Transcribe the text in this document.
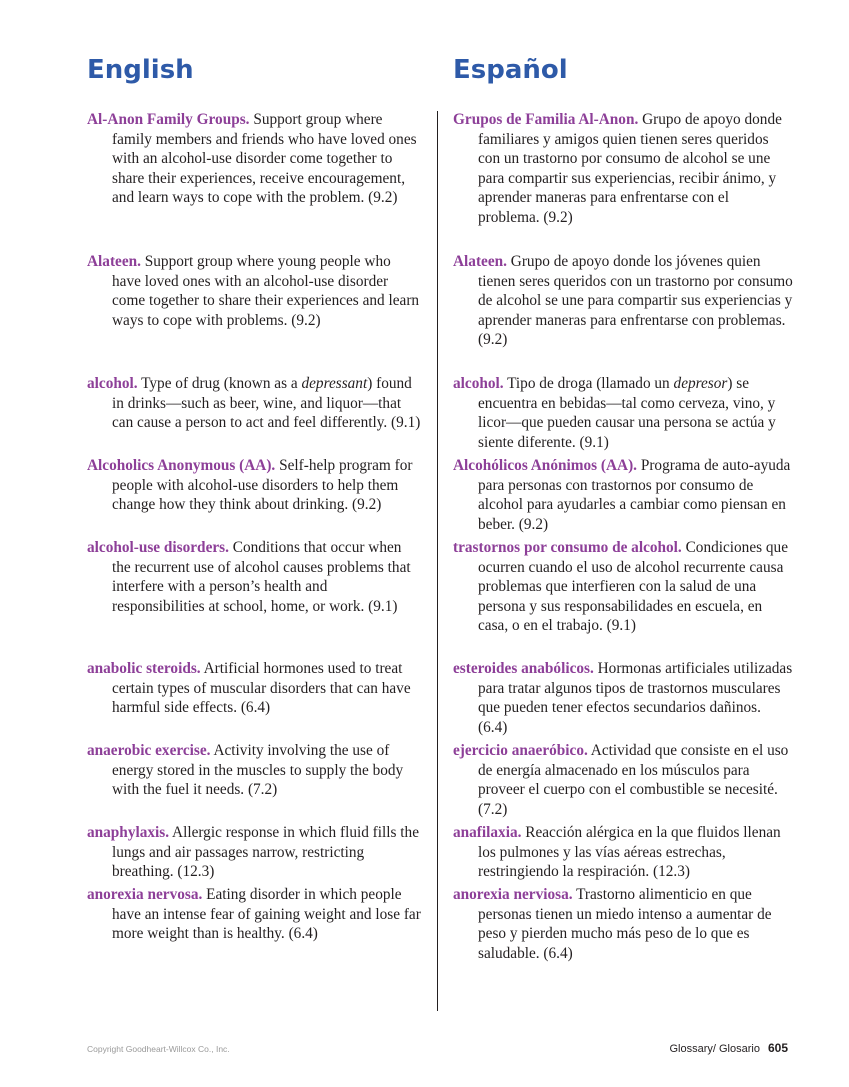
English

Al-Anon Family Groups. Support group where family members and friends who have loved ones with an alcohol-use disorder come together to share their experiences, receive encouragement, and learn ways to cope with the problem. (9.2)

Alateen. Support group where young people who have loved ones with an alcohol-use disorder come together to share their experiences and learn ways to cope with problems. (9.2)

alcohol. Type of drug (known as a depressant) found in drinks—such as beer, wine, and liquor—that can cause a person to act and feel differently. (9.1)

Alcoholics Anonymous (AA). Self-help program for people with alcohol-use disorders to help them change how they think about drinking. (9.2)

alcohol-use disorders. Conditions that occur when the recurrent use of alcohol causes problems that interfere with a person’s health and responsibilities at school, home, or work. (9.1)

anabolic steroids. Artificial hormones used to treat certain types of muscular disorders that can have harmful side effects. (6.4)

anaerobic exercise. Activity involving the use of energy stored in the muscles to supply the body with the fuel it needs. (7.2)

anaphylaxis. Allergic response in which fluid fills the lungs and air passages narrow, restricting breathing. (12.3)

anorexia nervosa. Eating disorder in which people have an intense fear of gaining weight and lose far more weight than is healthy. (6.4)

Español

Grupos de Familia Al-Anon. Grupo de apoyo donde familiares y amigos quien tienen seres queridos con un trastorno por consumo de alcohol se une para compartir sus experiencias, recibir ánimo, y aprender maneras para enfrentarse con el problema. (9.2)

Alateen. Grupo de apoyo donde los jóvenes quien tienen seres queridos con un trastorno por consumo de alcohol se une para compartir sus experiencias y aprender maneras para enfrentarse con problemas. (9.2)

alcohol. Tipo de droga (llamado un depresor) se encuentra en bebidas—tal como cerveza, vino, y licor—que pueden causar una persona se actúa y siente diferente. (9.1)

Alcohólicos Anónimos (AA). Programa de auto-ayuda para personas con trastornos por consumo de alcohol para ayudarles a cambiar como piensan en beber. (9.2)

trastornos por consumo de alcohol. Condiciones que ocurren cuando el uso de alcohol recurrente causa problemas que interfieren con la salud de una persona y sus responsabilidades en escuela, en casa, o en el trabajo. (9.1)

esteroides anabólicos. Hormonas artificiales utilizadas para tratar algunos tipos de trastornos musculares que pueden tener efectos secundarios dañinos. (6.4)

ejercicio anaeróbico. Actividad que consiste en el uso de energía almacenado en los músculos para proveer el cuerpo con el combustible se necesité. (7.2)

anafilaxia. Reacción alérgica en la que fluidos llenan los pulmones y las vías aéreas estrechas, restringiendo la respiración. (12.3)

anorexia nerviosa. Trastorno alimenticio en que personas tienen un miedo intenso a aumentar de peso y pierden mucho más peso de lo que es saludable. (6.4)

Copyright Goodheart-Willcox Co., Inc.	Glossary/ Glosario 605
